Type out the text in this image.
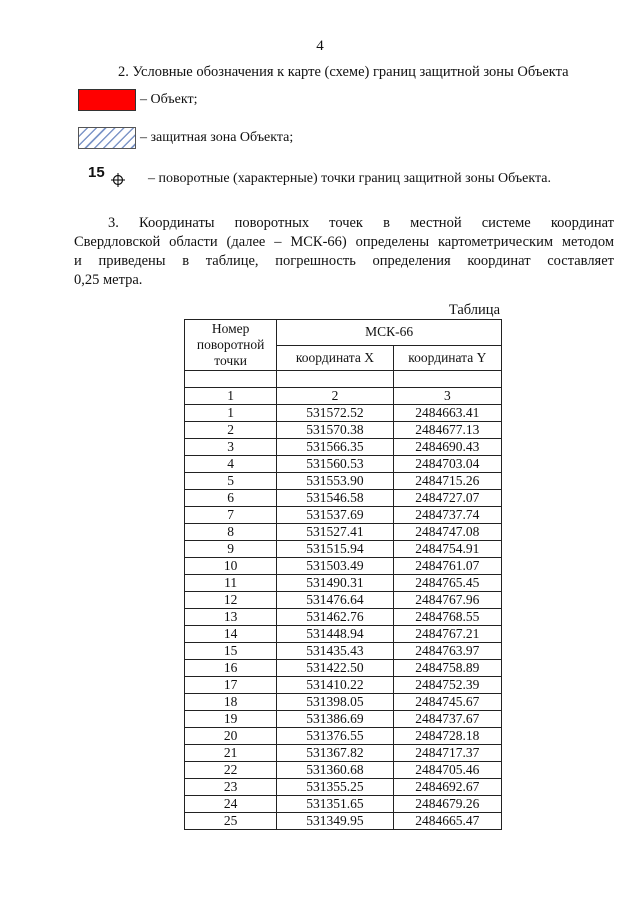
4
2. Условные обозначения к карте (схеме) границ защитной зоны Объекта
– Объект;
– защитная зона Объекта;
15	– поворотные (характерные) точки границ защитной зоны Объекта.
3. Координаты поворотных точек в местной системе координат
Свердловской области (далее – МСК-66) определены картометрическим методом
и приведены в таблице, погрешность определения координат составляет
0,25 метра.
Таблица
Номер поворотной точки	МСК-66	
	координата X	координата Y

1	2	3
1	531572.52	2484663.41
2	531570.38	2484677.13
3	531566.35	2484690.43
4	531560.53	2484703.04
5	531553.90	2484715.26
6	531546.58	2484727.07
7	531537.69	2484737.74
8	531527.41	2484747.08
9	531515.94	2484754.91
10	531503.49	2484761.07
11	531490.31	2484765.45
12	531476.64	2484767.96
13	531462.76	2484768.55
14	531448.94	2484767.21
15	531435.43	2484763.97
16	531422.50	2484758.89
17	531410.22	2484752.39
18	531398.05	2484745.67
19	531386.69	2484737.67
20	531376.55	2484728.18
21	531367.82	2484717.37
22	531360.68	2484705.46
23	531355.25	2484692.67
24	531351.65	2484679.26
25	531349.95	2484665.47
